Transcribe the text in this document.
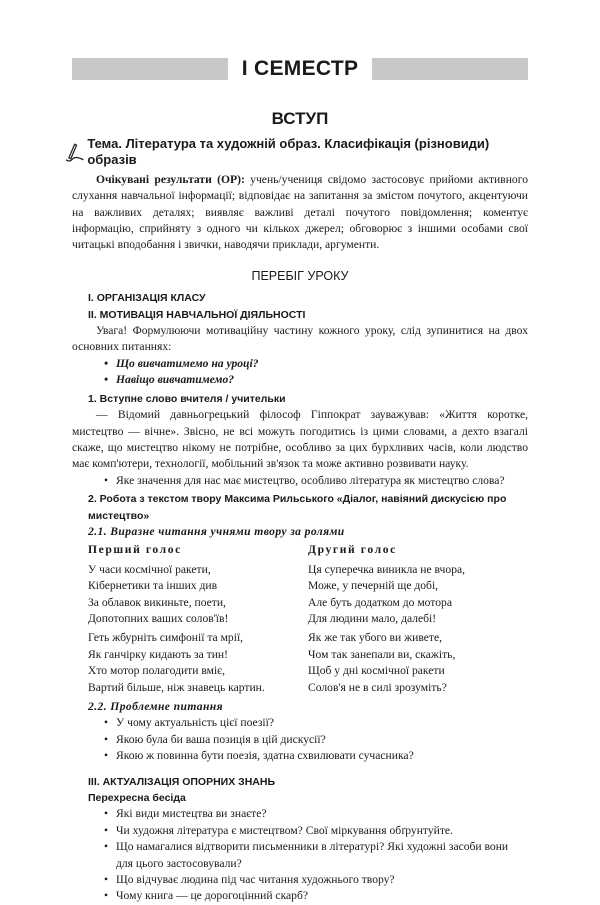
І СЕМЕСТР
ВСТУП
Тема. Література та художній образ. Класифікація (різновиди) образів

Очікувані результати (ОР): учень/учениця свідомо застосовує прийоми активного слухання навчальної інформації; відповідає на запитання за змістом почутого, акцентуючи на важливих деталях; виявляє важливі деталі почутого повідомлення; коментує інформацію, сприйняту з одного чи кількох джерел; обговорює з іншими особами свої читацькі вподобання і звички, наводячи приклади, аргументи.

ПЕРЕБІГ УРОКУ
І. ОРГАНІЗАЦІЯ КЛАСУ
ІІ. МОТИВАЦІЯ НАВЧАЛЬНОЇ ДІЯЛЬНОСТІ

Увага! Формулюючи мотиваційну частину кожного уроку, слід зупинитися на двох основних питаннях:

• Що вивчатимемо на уроці?
• Навіщо вивчатимемо?
1. Вступне слово вчителя / учительки

— Відомий давньогрецький філософ Гіппократ зауважував: «Життя коротке, мистецтво — вічне». Звісно, не всі можуть погодитись із цими словами, а дехто взагалі скаже, що мистецтво нікому не потрібне, особливо за цих бурхливих часів, коли людство має комп'ютери, технології, мобільний зв'язок та може активно розвивати науку.

• Яке значення для нас має мистецтво, особливо література як мистецтво слова?
2. Робота з текстом твору Максима Рильського «Діалог, навіяний дискусією про мистецтво»
2.1. Виразне читання учнями твору за ролями
Перший голос
У часи космічної ракети,
Кібернетики та інших див
За облавок викиньте, поети,
Допотопних ваших солов'їв!
Геть жбурніть симфонії та мрії,
Як ганчірку кидають за тин!
Хто мотор полагодити вміє,
Вартий більше, ніж знавець картин.
Другий голос
Ця суперечка виникла не вчора,
Може, у печерній ще добі,
Але буть додатком до мотора
Для людини мало, далебі!
Як же так убого ви живете,
Чом так занепали ви, скажіть,
Щоб у дні космічної ракети
Солов'я не в силі зрозуміть?
2.2. Проблемне питання
• У чому актуальність цієї поезії?
• Якою була би ваша позиція в цій дискусії?
• Якою ж повинна бути поезія, здатна схвилювати сучасника?
ІІІ. АКТУАЛІЗАЦІЯ ОПОРНИХ ЗНАНЬ
Перехресна бесіда
• Які види мистецтва ви знаєте?
• Чи художня література є мистецтвом? Свої міркування обґрунтуйте.
• Що намагалися відтворити письменники в літературі? Які художні засоби вони для цього застосовували?
• Що відчуває людина під час читання художнього твору?
• Чому книга — це дорогоцінний скарб?
